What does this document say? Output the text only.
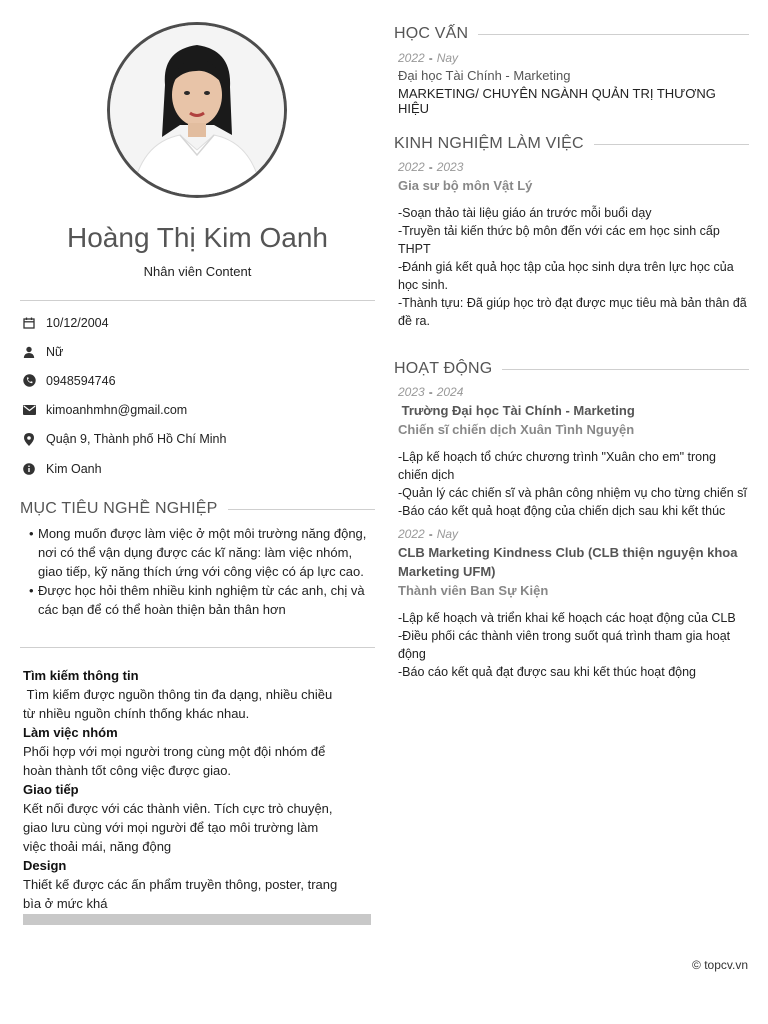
Hoàng Thị Kim Oanh
Nhân viên Content
10/12/2004
Nữ
0948594746
kimoanhmhn@gmail.com
Quận 9, Thành phố Hồ Chí Minh
Kim Oanh
MỤC TIÊU NGHỀ NGHIỆP
• Mong muốn được làm việc ở một môi trường năng động, nơi có thể vận dụng được các kĩ năng: làm việc nhóm, giao tiếp, kỹ năng thích ứng với công việc có áp lực cao.
• Được học hỏi thêm nhiều kinh nghiệm từ các anh, chị và các bạn để có thể hoàn thiện bản thân hơn
Tìm kiếm thông tin
Tìm kiếm được nguồn thông tin đa dạng, nhiều chiều từ nhiều nguồn chính thống khác nhau.
Làm việc nhóm
Phối hợp với mọi người trong cùng một đội nhóm để hoàn thành tốt công việc được giao.
Giao tiếp
Kết nối được với các thành viên. Tích cực trò chuyện, giao lưu cùng với mọi người để tạo môi trường làm việc thoải mái, năng động
Design
Thiết kế được các ấn phẩm truyền thông, poster, trang bìa ở mức khá
HỌC VẤN
2022 - Nay
Đại học Tài Chính - Marketing
MARKETING/ CHUYÊN NGÀNH QUẢN TRỊ THƯƠNG HIỆU
KINH NGHIỆM LÀM VIỆC
2022 - 2023
Gia sư bộ môn Vật Lý
-Soạn thảo tài liệu giáo án trước mỗi buổi dạy
-Truyền tải kiến thức bộ môn đến với các em học sinh cấp THPT
-Đánh giá kết quả học tập của học sinh dựa trên lực học của học sinh.
-Thành tựu: Đã giúp học trò đạt được mục tiêu mà bản thân đã đề ra.
HOẠT ĐỘNG
2023 - 2024
Trường Đại học Tài Chính - Marketing
Chiến sĩ chiến dịch Xuân Tình Nguyện
-Lập kế hoạch tổ chức chương trình "Xuân cho em" trong chiến dịch
-Quản lý các chiến sĩ và phân công nhiệm vụ cho từng chiến sĩ
-Báo cáo kết quả hoạt động của chiến dịch sau khi kết thúc
2022 - Nay
CLB Marketing Kindness Club (CLB thiện nguyện khoa Marketing UFM)
Thành viên Ban Sự Kiện
-Lập kế hoạch và triển khai kế hoạch các hoạt động của CLB
-Điều phối các thành viên trong suốt quá trình tham gia hoạt động
-Báo cáo kết quả đạt được sau khi kết thúc hoạt động
© topcv.vn
